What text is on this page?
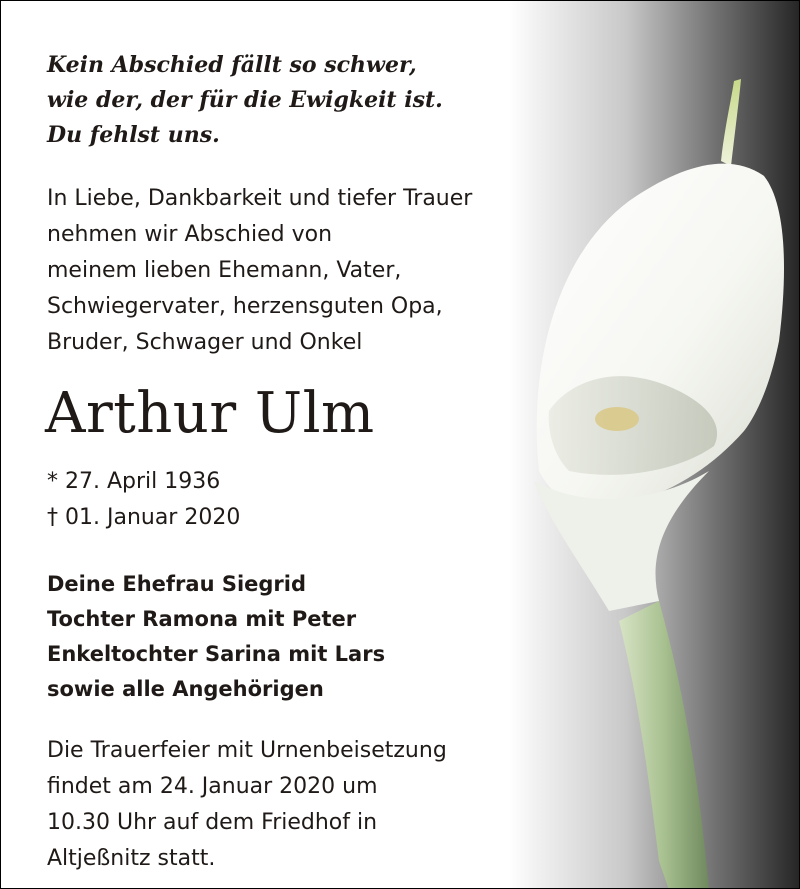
Kein Abschied fällt so schwer,
wie der, der für die Ewigkeit ist.
Du fehlst uns.
In Liebe, Dankbarkeit und tiefer Trauer
nehmen wir Abschied von
meinem lieben Ehemann, Vater,
Schwiegervater, herzensguten Opa,
Bruder, Schwager und Onkel
Arthur Ulm
* 27. April 1936
† 01. Januar 2020
Deine Ehefrau Siegrid
Tochter Ramona mit Peter
Enkeltochter Sarina mit Lars
sowie alle Angehörigen
Die Trauerfeier mit Urnenbeisetzung
findet am 24. Januar 2020 um
10.30 Uhr auf dem Friedhof in
Altjeßnitz statt.
